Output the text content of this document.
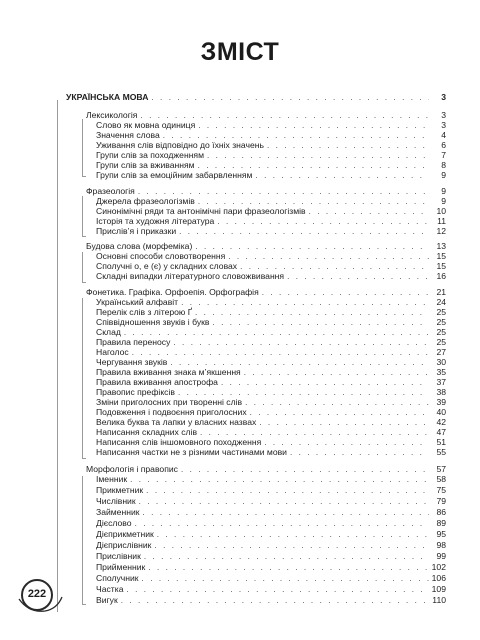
ЗМІСТ
УКРАЇНСЬКА МОВА . . .	3
Лексикологія . . .	3
Слово як мовна одиниця . . .	3
Значення слова . . .	4
Уживання слів відповідно до їхніх значень . . .	6
Групи слів за походженням . . .	7
Групи слів за вживанням . . .	8
Групи слів за емоційним забарвленням . . .	9
Фразеологія . . .	9
Джерела фразеологізмів . . .	9
Синонімічні ряди та антонімічні пари фразеологізмів . . .	10
Історія та художня література . . .	11
Прислів’я і приказки . . .	12
Будова слова (морфеміка) . . .	13
Основні способи словотворення . . .	15
Сполучні о, е (є) у складних словах . . .	15
Складні випадки літературного словожвивання . . .	16
Фонетика. Графіка. Орфоепія. Орфографія . . .	21
Український алфавіт . . .	24
Перелік слів з літерою Ґ . . .	25
Співвідношення звуків і букв . . .	25
Склад . . .	25
Правила переносу . . .	25
Наголос . . .	27
Чергування звуків . . .	30
Правила вживання знака м’якшення . . .	35
Правила вживання апострофа . . .	37
Правопис префіксів . . .	38
Зміни приголосних при творенні слів . . .	39
Подовження і подвоєння приголосних . . .	40
Велика буква та лапки у власних назвах . . .	42
Написання складних слів . . .	47
Написання слів іншомовного походження . . .	51
Написання частки не з різними частинами мови . . .	55
Морфологія і правопис . . .	57
Іменник . . .	58
Прикметник . . .	75
Числівник . . .	79
Займенник . . .	86
Дієслово . . .	89
Дієприкметник . . .	95
Дієприслівник . . .	98
Прислівник . . .	99
Прийменник . . .	102
Сполучник . . .	106
Частка . . .	109
Вигук . . .	110
222
